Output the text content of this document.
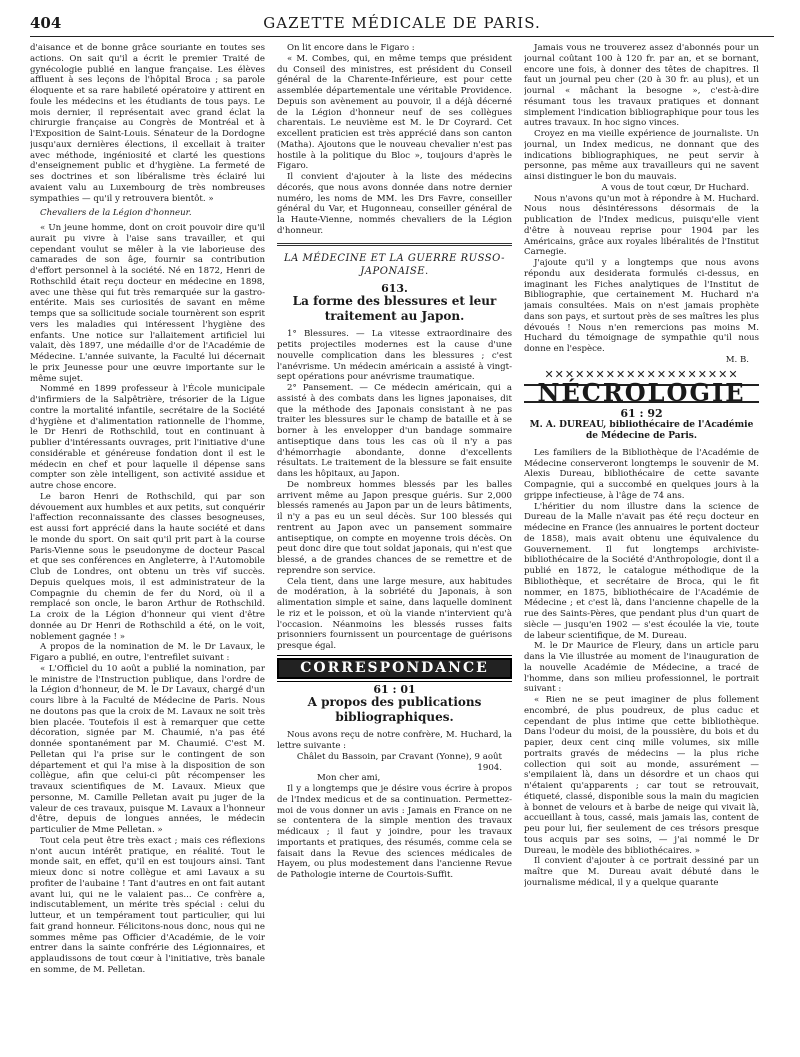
404	GAZETTE MÉDICALE DE PARIS.

d'aisance et de bonne grâce souriante en toutes ses actions. On sait qu'il a écrit le premier Traité de gynécologie publié en langue française. Les élèves affluent à ses leçons de l'hôpital Broca ; sa parole éloquente et sa rare habileté opératoire y attirent en foule les médecins et les étudiants de tous pays. Le mois dernier, il représentait avec grand éclat la chirurgie française au Congrès de Montréal et à l'Exposition de Saint-Louis. Sénateur de la Dordogne jusqu'aux dernières élections, il excellait à traiter avec méthode, ingéniosité et clarté les questions d'enseignement public et d'hygiène. La fermeté de ses doctrines et son libéralisme très éclairé lui avaient valu au Luxembourg de très nombreuses sympathies — qu'il y retrouvera bientôt. »

Chevaliers de la Légion d'honneur.

« Un jeune homme, dont on croit pouvoir dire qu'il aurait pu vivre à l'aise sans travailler, et qui cependant voulut se mêler à la vie laborieuse des camarades de son âge, fournir sa contribution d'effort personnel à la société. Né en 1872, Henri de Rothschild était reçu docteur en médecine en 1898, avec une thèse qui fut très remarquée sur la gastro-entérite. Mais ses curiosités de savant en même temps que sa sollicitude sociale tournèrent son esprit vers les maladies qui intéressent l'hygiène des enfants. Une notice sur l'allaitement artificiel lui valait, dès 1897, une médaille d'or de l'Académie de Médecine. L'année suivante, la Faculté lui décernait le prix Jeunesse pour une œuvre importante sur le même sujet.

Nommé en 1899 professeur à l'École municipale d'infirmiers de la Salpêtrière, trésorier de la Ligue contre la mortalité infantile, secrétaire de la Société d'hygiène et d'alimentation rationnelle de l'homme, le Dr Henri de Rothschild, tout en continuant à publier d'intéressants ouvrages, prit l'initiative d'une considérable et généreuse fondation dont il est le médecin en chef et pour laquelle il dépense sans compter son zèle intelligent, son activité assidue et autre chose encore.

Le baron Henri de Rothschild, qui par son dévouement aux humbles et aux petits, sut conquérir l'affection reconnaissante des classes besogneuses, est aussi fort apprécié dans la haute société et dans le monde du sport. On sait qu'il prit part à la course Paris-Vienne sous le pseudonyme de docteur Pascal et que ses conférences en Angleterre, à l'Automobile Club de Londres, ont obtenu un très vif succès. Depuis quelques mois, il est administrateur de la Compagnie du chemin de fer du Nord, où il a remplacé son oncle, le baron Arthur de Rothschild. La croix de la Légion d'honneur qui vient d'être donnée au Dr Henri de Rothschild a été, on le voit, noblement gagnée ! »

A propos de la nomination de M. le Dr Lavaux, le Figaro a publié, en outre, l'entrefilet suivant :

« L'Officiel du 10 août a publié la nomination, par le ministre de l'Instruction publique, dans l'ordre de la Légion d'honneur, de M. le Dr Lavaux, chargé d'un cours libre à la Faculté de Médecine de Paris. Nous ne doutons pas que la croix de M. Lavaux ne soit très bien placée. Toutefois il est à remarquer que cette décoration, signée par M. Chaumié, n'a pas été donnée spontanément par M. Chaumié. C'est M. Pelletan qui l'a prise sur le contingent de son département et qui l'a mise à la disposition de son collègue, afin que celui-ci pût récompenser les travaux scientifiques de M. Lavaux. Mieux que personne, M. Camille Pelletan avait pu juger de la valeur de ces travaux, puisque M. Lavaux a l'honneur d'être, depuis de longues années, le médecin particulier de Mme Pelletan. »

Tout cela peut être très exact ; mais ces réflexions n'ont aucun intérêt pratique, en réalité. Tout le monde sait, en effet, qu'il en est toujours ainsi. Tant mieux donc si notre collègue et ami Lavaux a su profiter de l'aubaine ! Tant d'autres en ont fait autant avant lui, qui ne le valaient pas... Ce confrère a, indiscutablement, un mérite très spécial : celui du lutteur, et un tempérament tout particulier, qui lui fait grand honneur. Félicitons-nous donc, nous qui ne sommes même pas Officier d'Académie, de le voir entrer dans la sainte confrérie des Légionnaires, et applaudissons de tout cœur à l'initiative, très banale en somme, de M. Pelletan.

On lit encore dans le Figaro :

« M. Combes, qui, en même temps que président du Conseil des ministres, est président du Conseil général de la Charente-Inférieure, est pour cette assemblée départementale une véritable Providence. Depuis son avènement au pouvoir, il a déjà décerné de la Légion d'honneur neuf de ses collègues charentais. Le neuvième est M. le Dr Coyrard. Cet excellent praticien est très apprécié dans son canton (Matha). Ajoutons que le nouveau chevalier n'est pas hostile à la politique du Bloc », toujours d'après le Figaro.

Il convient d'ajouter à la liste des médecins décorés, que nous avons donnée dans notre dernier numéro, les noms de MM. les Drs Favre, conseiller général du Var, et Hugonneau, conseiller général de la Haute-Vienne, nommés chevaliers de la Légion d'honneur.

LA MÉDECINE ET LA GUERRE RUSSO-JAPONAISE.
613.
La forme des blessures et leur traitement au Japon.

1° Blessures. — La vitesse extraordinaire des petits projectiles modernes est la cause d'une nouvelle complication dans les blessures ; c'est l'anévrisme. Un médecin américain a assisté à vingt-sept opérations pour anévrisme traumatique.

2° Pansement. — Ce médecin américain, qui a assisté à des combats dans les lignes japonaises, dit que la méthode des Japonais consistant à ne pas traiter les blessures sur le champ de bataille et à se borner à les envelopper d'un bandage sommaire antiseptique dans tous les cas où il n'y a pas d'hémorrhagie abondante, donne d'excellents résultats. Le traitement de la blessure se fait ensuite dans les hôpitaux, au Japon.

De nombreux hommes blessés par les balles arrivent même au Japon presque guéris. Sur 2,000 blessés ramenés au Japon par un de leurs bâtiments, il n'y a pas eu un seul décès. Sur 100 blessés qui rentrent au Japon avec un pansement sommaire antiseptique, on compte en moyenne trois décès. On peut donc dire que tout soldat japonais, qui n'est que blessé, a de grandes chances de se remettre et de reprendre son service.

Cela tient, dans une large mesure, aux habitudes de modération, à la sobriété du Japonais, à son alimentation simple et saine, dans laquelle dominent le riz et le poisson, et où la viande n'intervient qu'à l'occasion. Néanmoins les blessés russes faits prisonniers fournissent un pourcentage de guérisons presque égal.

CORRESPONDANCE
61 : 01
A propos des publications bibliographiques.

Nous avons reçu de notre confrère, M. Huchard, la lettre suivante :

Châlet du Bassoin, par Cravant (Yonne), 9 août 1904.

Mon cher ami,

Il y a longtemps que je désire vous écrire à propos de l'Index medicus et de sa continuation. Permettez-moi de vous donner un avis : Jamais en France on ne se contentera de la simple mention des travaux médicaux ; il faut y joindre, pour les travaux importants et pratiques, des résumés, comme cela se faisait dans la Revue des sciences médicales de Hayem, ou plus modestement dans l'ancienne Revue de Pathologie interne de Courtois-Suffit.

Jamais vous ne trouverez assez d'abonnés pour un journal coûtant 100 à 120 fr. par an, et se bornant, encore une fois, à donner des têtes de chapitres. Il faut un journal peu cher (20 à 30 fr. au plus), et un journal « mâchant la besogne », c'est-à-dire résumant tous les travaux pratiques et donnant simplement l'indication bibliographique pour tous les autres travaux. In hoc signo vinces.

Croyez en ma vieille expérience de journaliste. Un journal, un Index medicus, ne donnant que des indications bibliographiques, ne peut servir à personne, pas même aux travailleurs qui ne savent ainsi distinguer le bon du mauvais.

A vous de tout cœur, Dr Huchard.

Nous n'avons qu'un mot à répondre à M. Huchard. Nous nous désintéressons désormais de la publication de l'Index medicus, puisqu'elle vient d'être à nouveau reprise pour 1904 par les Américains, grâce aux royales libéralités de l'Institut Carnegie.

J'ajoute qu'il y a longtemps que nous avons répondu aux desiderata formulés ci-dessus, en imaginant les Fiches analytiques de l'Institut de Bibliographie, que certainement M. Huchard n'a jamais consultées. Mais on n'est jamais prophète dans son pays, et surtout près de ses maîtres les plus dévoués ! Nous n'en remercions pas moins M. Huchard du témoignage de sympathie qu'il nous donne en l'espèce.

M. B.

✕✕✕✕✕✕✕✕✕✕✕✕✕✕✕✕✕✕✕
NÉCROLOGIE
61 : 92
M. A. DUREAU, bibliothécaire de l'Académie de Médecine de Paris.

Les familiers de la Bibliothèque de l'Académie de Médecine conserveront longtemps le souvenir de M. Alexis Dureau, bibliothécaire de cette savante Compagnie, qui a succombé en quelques jours à la grippe infectieuse, à l'âge de 74 ans.

L'héritier du nom illustre dans la science de Dureau de la Malle n'avait pas été reçu docteur en médecine en France (les annuaires le portent docteur de 1858), mais avait obtenu une équivalence du Gouvernement. Il fut longtemps archiviste-bibliothécaire de la Société d'Anthropologie, dont il a publié en 1872, le catalogue méthodique de la Bibliothèque, et secrétaire de Broca, qui le fit nommer, en 1875, bibliothécaire de l'Académie de Médecine ; et c'est là, dans l'ancienne chapelle de la rue des Saints-Pères, que pendant plus d'un quart de siècle — jusqu'en 1902 — s'est écoulée la vie, toute de labeur scientifique, de M. Dureau.

M. le Dr Maurice de Fleury, dans un article paru dans la Vie illustrée au moment de l'inauguration de la nouvelle Académie de Médecine, a tracé de l'homme, dans son milieu professionnel, le portrait suivant :

« Rien ne se peut imaginer de plus follement encombré, de plus poudreux, de plus caduc et cependant de plus intime que cette bibliothèque. Dans l'odeur du moisi, de la poussière, du bois et du papier, deux cent cinq mille volumes, six mille portraits gravés de médecins — la plus riche collection qui soit au monde, assurément — s'empilaient là, dans un désordre et un chaos qui n'étaient qu'apparents ; car tout se retrouvait, étiqueté, classé, disponible sous la main du magicien à bonnet de velours et à barbe de neige qui vivait là, accueillant à tous, cassé, mais jamais las, content de peu pour lui, fier seulement de ces trésors presque tous acquis par ses soins, — j'ai nommé le Dr Dureau, le modèle des bibliothécaires. »

Il convient d'ajouter à ce portrait dessiné par un maître que M. Dureau avait débuté dans le journalisme médical, il y a quelque quarante
